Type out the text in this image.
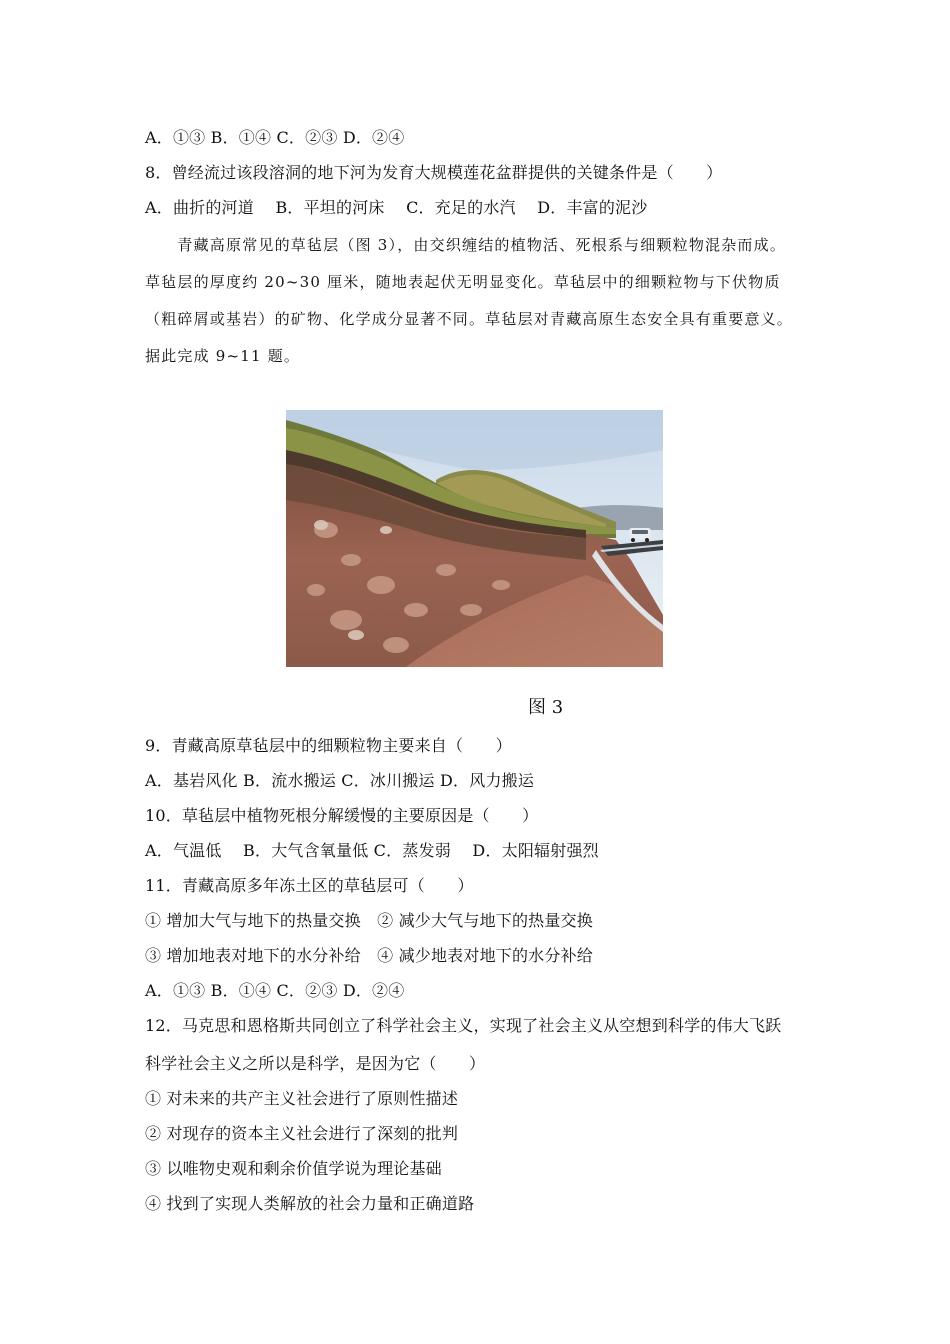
A．①③ B．①④ C．②③ D．②④
8．曾经流过该段溶洞的地下河为发育大规模莲花盆群提供的关键条件是（　　）
A．曲折的河道　 B．平坦的河床　 C．充足的水汽　 D．丰富的泥沙
　　青藏高原常见的草毡层（图 3），由交织缠结的植物活、死根系与细颗粒物混杂而成。
草毡层的厚度约 20~30 厘米，随地表起伏无明显变化。草毡层中的细颗粒物与下伏物质
（粗碎屑或基岩）的矿物、化学成分显著不同。草毡层对青藏高原生态安全具有重要意义。
据此完成 9~11 题。
图 3
9．青藏高原草毡层中的细颗粒物主要来自（　　）
A．基岩风化 B．流水搬运 C．冰川搬运 D．风力搬运
10．草毡层中植物死根分解缓慢的主要原因是（　　）
A．气温低　 B．大气含氧量低 C．蒸发弱　 D．太阳辐射强烈
11．青藏高原多年冻土区的草毡层可（　　）
① 增加大气与地下的热量交换　② 减少大气与地下的热量交换
③ 增加地表对地下的水分补给　④ 减少地表对地下的水分补给
A．①③ B．①④ C．②③ D．②④
12．马克思和恩格斯共同创立了科学社会主义，实现了社会主义从空想到科学的伟大飞跃
科学社会主义之所以是科学，是因为它（　　）
① 对未来的共产主义社会进行了原则性描述
② 对现存的资本主义社会进行了深刻的批判
③ 以唯物史观和剩余价值学说为理论基础
④ 找到了实现人类解放的社会力量和正确道路
